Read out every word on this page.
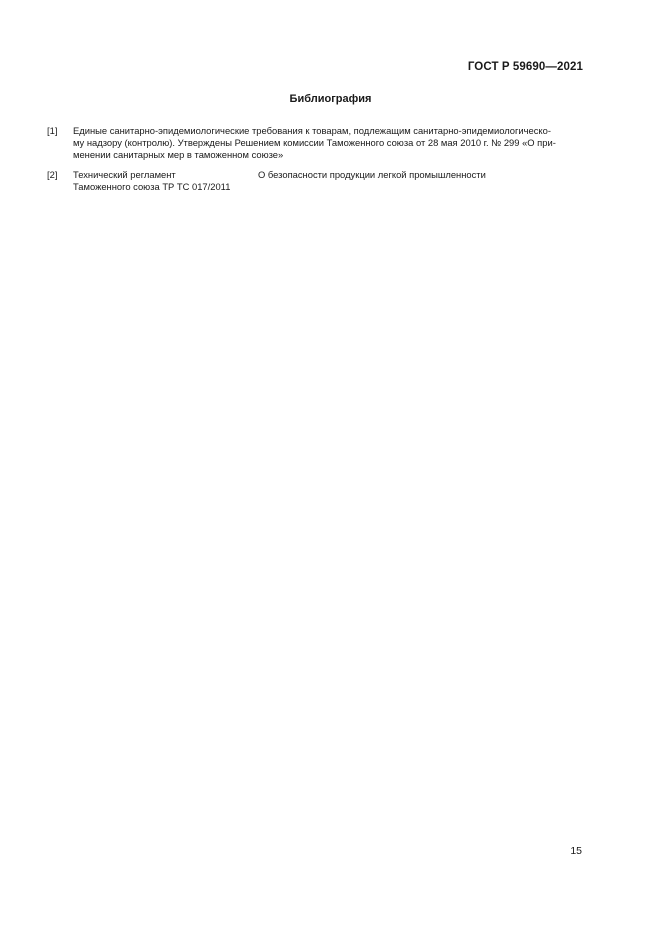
ГОСТ Р 59690—2021
Библиография
[1] Единые санитарно-эпидемиологические требования к товарам, подлежащим санитарно-эпидемиологическо-
му надзору (контролю). Утверждены Решением комиссии Таможенного союза от 28 мая 2010 г. № 299 «О при-
менении санитарных мер в таможенном союзе»
[2] Технический регламент
Таможенного союза ТР ТС 017/2011
О безопасности продукции легкой промышленности
15
